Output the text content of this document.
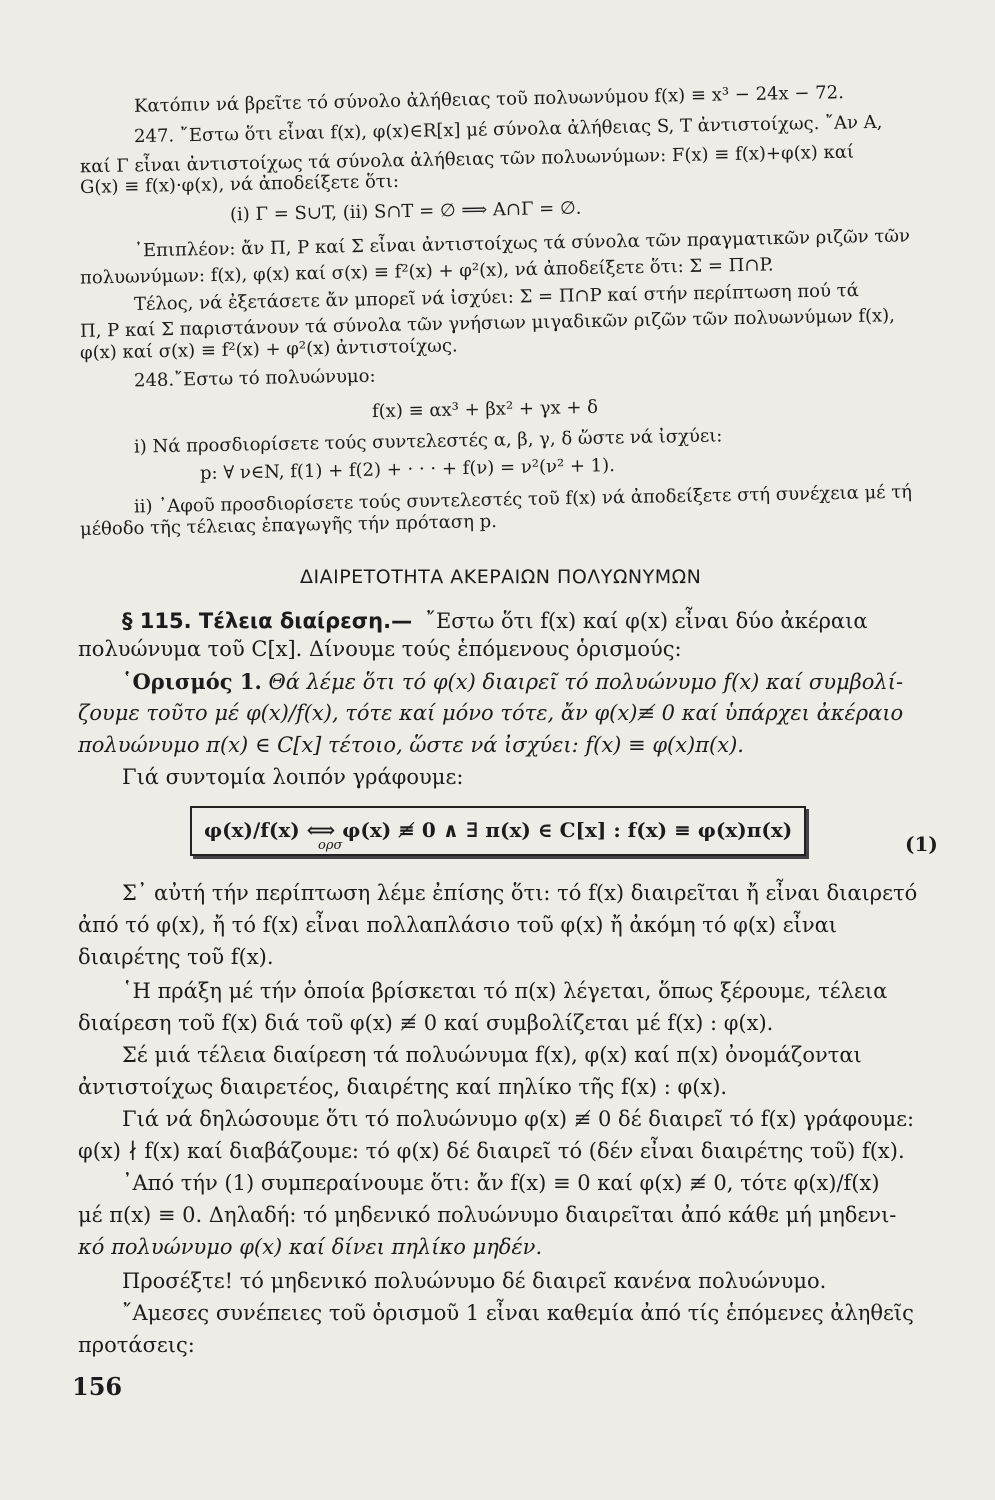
Κατόπιν νά βρεῖτε τό σύνολο ἀλήθειας τοῦ πολυωνύμου f(x) ≡ x³ − 24x − 72.
247. ῎Εστω ὅτι εἶναι f(x), φ(x)∈R[x] μέ σύνολα ἀλήθειας S, T ἀντιστοίχως. ῎Αν A,
καί Γ εἶναι ἀντιστοίχως τά σύνολα ἀλήθειας τῶν πολυωνύμων: F(x) ≡ f(x)+φ(x) καί
G(x) ≡ f(x)·φ(x), νά ἀποδείξετε ὅτι:
(i) Γ = S∪T, (ii) S∩T = ∅ ⟹ A∩Γ = ∅.
᾿Επιπλέον: ἄν Π, P καί Σ εἶναι ἀντιστοίχως τά σύνολα τῶν πραγματικῶν ριζῶν τῶν
πολυωνύμων: f(x), φ(x) καί σ(x) ≡ f²(x) + φ²(x), νά ἀποδείξετε ὅτι: Σ = Π∩P.
Τέλος, νά ἐξετάσετε ἄν μπορεῖ νά ἰσχύει: Σ = Π∩P καί στήν περίπτωση πού τά
Π, P καί Σ παριστάνουν τά σύνολα τῶν γνήσιων μιγαδικῶν ριζῶν τῶν πολυωνύμων f(x),
φ(x) καί σ(x) ≡ f²(x) + φ²(x) ἀντιστοίχως.
248.῎Εστω τό πολυώνυμο:
f(x) ≡ αx³ + βx² + γx + δ
i) Νά προσδιορίσετε τούς συντελεστές α, β, γ, δ ὥστε νά ἰσχύει:
p: ∀ ν∈N, f(1) + f(2) + · · · + f(ν) = ν²(ν² + 1).
ii) ᾿Αφοῦ προσδιορίσετε τούς συντελεστές τοῦ f(x) νά ἀποδείξετε στή συνέχεια μέ τή
μέθοδο τῆς τέλειας ἐπαγωγῆς τήν πρόταση p.
ΔΙΑΙΡΕΤΟΤΗΤΑ ΑΚΕΡΑΙΩΝ ΠΟΛΥΩΝΥΜΩΝ
§ 115. Τέλεια διαίρεση.— ῎Εστω ὅτι f(x) καί φ(x) εἶναι δύο ἀκέραια
πολυώνυμα τοῦ C[x]. Δίνουμε τούς ἑπόμενους ὁρισμούς:
῾Ορισμός 1. Θά λέμε ὅτι τό φ(x) διαιρεῖ τό πολυώνυμο f(x) καί συμβολί-
ζουμε τοῦτο μέ φ(x)/f(x), τότε καί μόνο τότε, ἄν φ(x)≢ 0 καί ὑπάρχει ἀκέραιο
πολυώνυμο π(x) ∈ C[x] τέτοιο, ὥστε νά ἰσχύει: f(x) ≡ φ(x)π(x).
Γιά συντομία λοιπόν γράφουμε:
φ(x)/f(x) ⟺ φ(x) ≢ 0 ∧ ∃ π(x) ∈ C[x] : f(x) ≡ φ(x)π(x)
ορσ	(1)
Σ᾿ αὐτή τήν περίπτωση λέμε ἐπίσης ὅτι: τό f(x) διαιρεῖται ἤ εἶναι διαιρετό
ἀπό τό φ(x), ἤ τό f(x) εἶναι πολλαπλάσιο τοῦ φ(x) ἤ ἀκόμη τό φ(x) εἶναι
διαιρέτης τοῦ f(x).
῾Η πράξη μέ τήν ὁποία βρίσκεται τό π(x) λέγεται, ὅπως ξέρουμε, τέλεια
διαίρεση τοῦ f(x) διά τοῦ φ(x) ≢ 0 καί συμβολίζεται μέ f(x) : φ(x).
Σέ μιά τέλεια διαίρεση τά πολυώνυμα f(x), φ(x) καί π(x) ὀνομάζονται
ἀντιστοίχως διαιρετέος, διαιρέτης καί πηλίκο τῆς f(x) : φ(x).
Γιά νά δηλώσουμε ὅτι τό πολυώνυμο φ(x) ≢ 0 δέ διαιρεῖ τό f(x) γράφουμε:
φ(x) ∤ f(x) καί διαβάζουμε: τό φ(x) δέ διαιρεῖ τό (δέν εἶναι διαιρέτης τοῦ) f(x).
᾿Από τήν (1) συμπεραίνουμε ὅτι: ἄν f(x) ≡ 0 καί φ(x) ≢ 0, τότε φ(x)/f(x)
μέ π(x) ≡ 0. Δηλαδή: τό μηδενικό πολυώνυμο διαιρεῖται ἀπό κάθε μή μηδενι-
κό πολυώνυμο φ(x) καί δίνει πηλίκο μηδέν.
Προσέξτε! τό μηδενικό πολυώνυμο δέ διαιρεῖ κανένα πολυώνυμο.
῎Αμεσες συνέπειες τοῦ ὁρισμοῦ 1 εἶναι καθεμία ἀπό τίς ἑπόμενες ἀληθεῖς
προτάσεις:
156
